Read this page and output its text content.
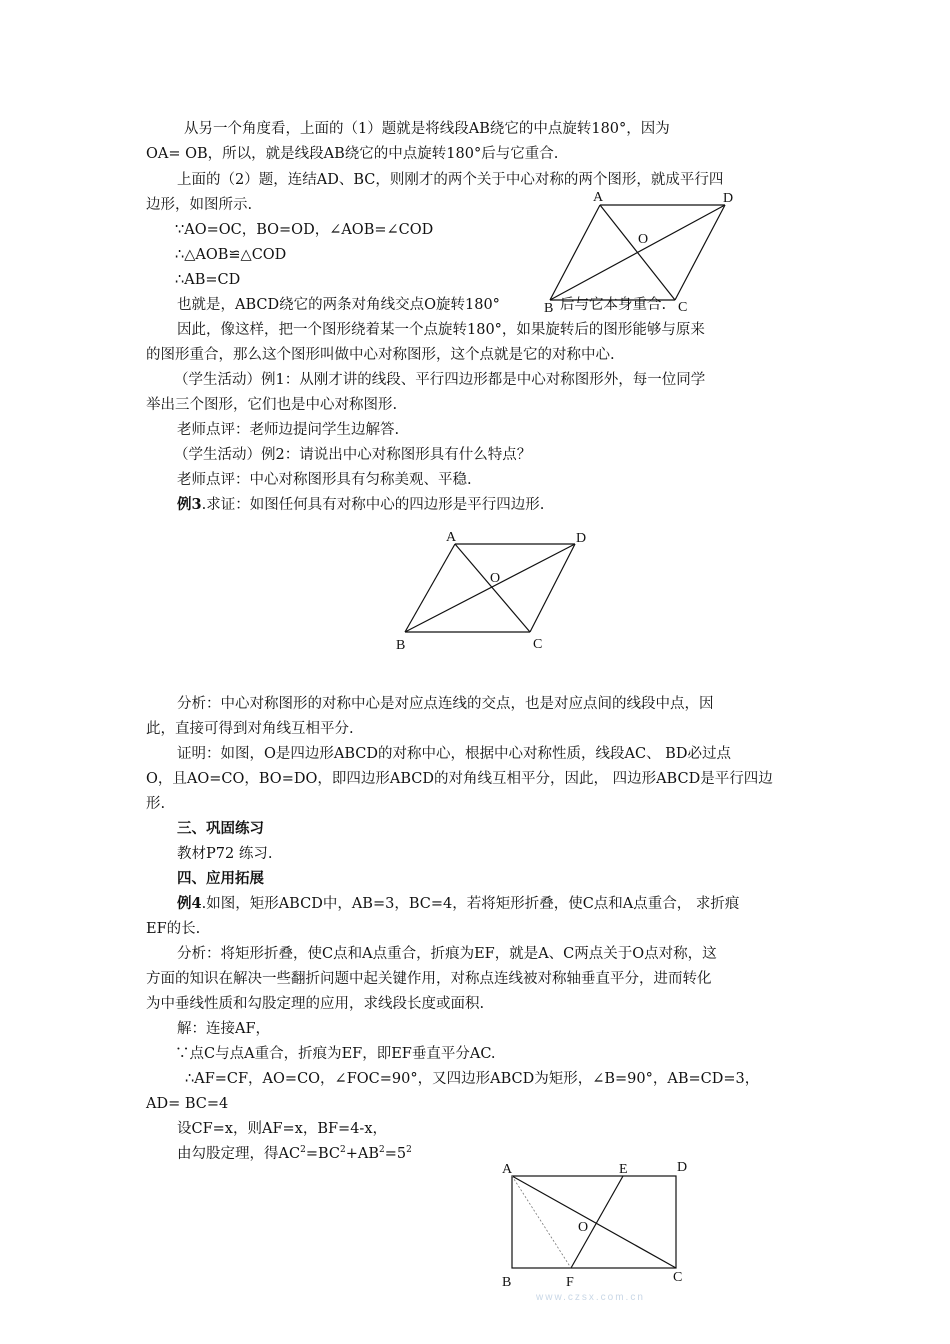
从另一个角度看，上面的（1）题就是将线段AB绕它的中点旋转180°，因为
OA= OB，所以，就是线段AB绕它的中点旋转180°后与它重合.
上面的（2）题，连结AD、BC，则刚才的两个关于中心对称的两个图形，就成平行四
边形，如图所示.
∵AO=OC，BO=OD，∠AOB=∠COD
∴△AOB≌△COD
∴AB=CD
也就是，ABCD绕它的两条对角线交点O旋转180°	后与它本身重合.
因此，像这样，把一个图形绕着某一个点旋转180°，如果旋转后的图形能够与原来
的图形重合，那么这个图形叫做中心对称图形，这个点就是它的对称中心.
（学生活动）例1：从刚才讲的线段、平行四边形都是中心对称图形外，每一位同学
举出三个图形，它们也是中心对称图形.
老师点评：老师边提问学生边解答.
（学生活动）例2：请说出中心对称图形具有什么特点？
老师点评：中心对称图形具有匀称美观、平稳.
例3.求证：如图任何具有对称中心的四边形是平行四边形.
分析：中心对称图形的对称中心是对应点连线的交点，也是对应点间的线段中点，因
此，直接可得到对角线互相平分.
证明：如图，O是四边形ABCD的对称中心，根据中心对称性质，线段AC、 BD必过点
O，且AO=CO，BO=DO，即四边形ABCD的对角线互相平分，因此， 四边形ABCD是平行四边
形.
三、巩固练习
教材P72 练习.
四、应用拓展
例4.如图，矩形ABCD中，AB=3，BC=4，若将矩形折叠，使C点和A点重合， 求折痕
EF的长.
分析：将矩形折叠，使C点和A点重合，折痕为EF，就是A、C两点关于O点对称，这
方面的知识在解决一些翻折问题中起关键作用，对称点连线被对称轴垂直平分，进而转化
为中垂线性质和勾股定理的应用，求线段长度或面积.
解：连接AF，
∵点C与点A重合，折痕为EF，即EF垂直平分AC.
∴AF=CF，AO=CO，∠FOC=90°，又四边形ABCD为矩形，∠B=90°，AB=CD=3，
AD= BC=4
设CF=x，则AF=x，BF=4-x，
由勾股定理，得$AC^2=BC^2+AB^2=5^2$
A	D
O
B	C
A	D
O
B	C
A	E	D
O
B	F	C
www.czsx.com.cn
